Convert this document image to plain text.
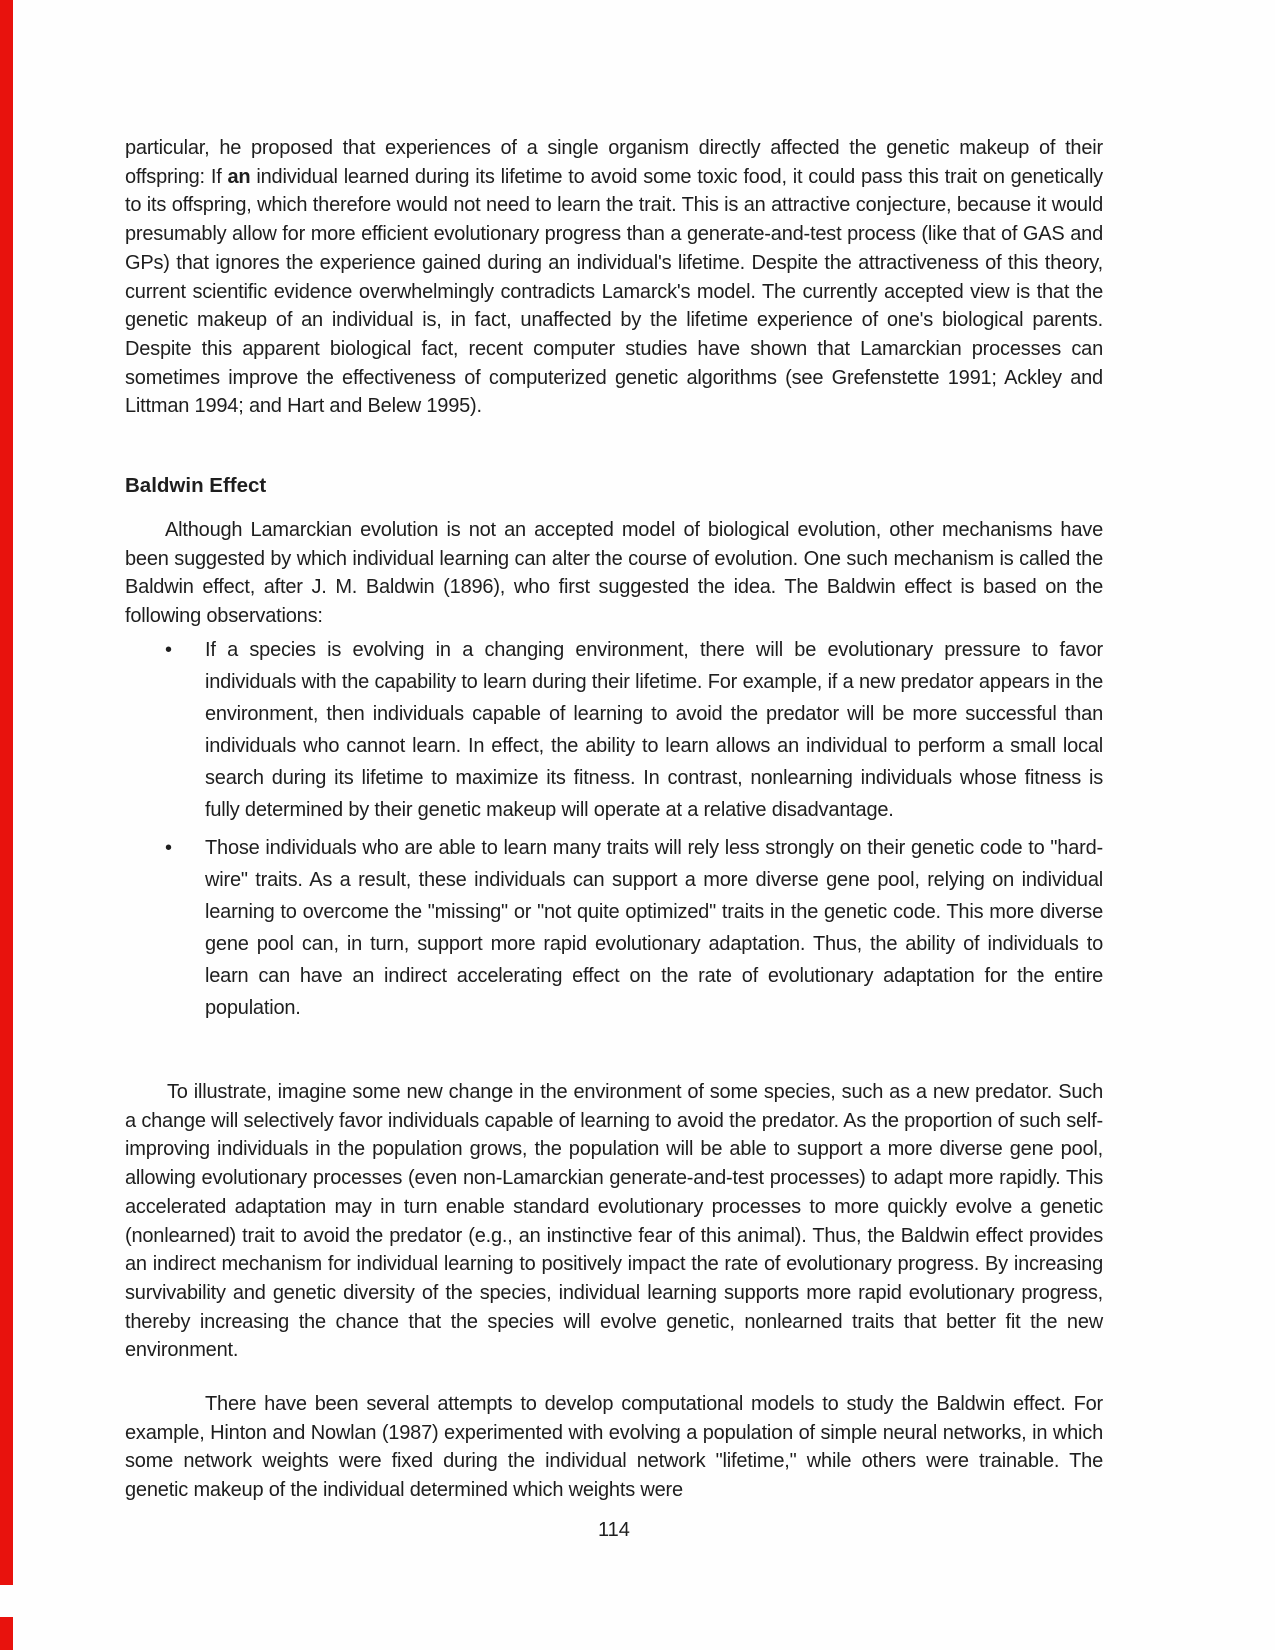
particular, he proposed that experiences of a single organism directly affected the genetic makeup of their offspring: If an individual learned during its lifetime to avoid some toxic food, it could pass this trait on genetically to its offspring, which therefore would not need to learn the trait. This is an attractive conjecture, because it would presumably allow for more efficient evolutionary progress than a generate-and-test process (like that of GAS and GPs) that ignores the experience gained during an individual's lifetime. Despite the attractiveness of this theory, current scientific evidence overwhelmingly contradicts Lamarck's model. The currently accepted view is that the genetic makeup of an individual is, in fact, unaffected by the lifetime experience of one's biological parents. Despite this apparent biological fact, recent computer studies have shown that Lamarckian processes can sometimes improve the effectiveness of computerized genetic algorithms (see Grefenstette 1991; Ackley and Littman 1994; and Hart and Belew 1995).

Baldwin Effect

Although Lamarckian evolution is not an accepted model of biological evolution, other mechanisms have been suggested by which individual learning can alter the course of evolution. One such mechanism is called the Baldwin effect, after J. M. Baldwin (1896), who first suggested the idea. The Baldwin effect is based on the following observations:

•	If a species is evolving in a changing environment, there will be evolutionary pressure to favor individuals with the capability to learn during their lifetime. For example, if a new predator appears in the environment, then individuals capable of learning to avoid the predator will be more successful than individuals who cannot learn. In effect, the ability to learn allows an individual to perform a small local search during its lifetime to maximize its fitness. In contrast, nonlearning individuals whose fitness is fully determined by their genetic makeup will operate at a relative disadvantage.
•	Those individuals who are able to learn many traits will rely less strongly on their genetic code to "hard-wire" traits. As a result, these individuals can support a more diverse gene pool, relying on individual learning to overcome the "missing" or "not quite optimized" traits in the genetic code. This more diverse gene pool can, in turn, support more rapid evolutionary adaptation. Thus, the ability of individuals to learn can have an indirect accelerating effect on the rate of evolutionary adaptation for the entire population.

To illustrate, imagine some new change in the environment of some species, such as a new predator. Such a change will selectively favor individuals capable of learning to avoid the predator. As the proportion of such self-improving individuals in the population grows, the population will be able to support a more diverse gene pool, allowing evolutionary processes (even non-Lamarckian generate-and-test processes) to adapt more rapidly. This accelerated adaptation may in turn enable standard evolutionary processes to more quickly evolve a genetic (nonlearned) trait to avoid the predator (e.g., an instinctive fear of this animal). Thus, the Baldwin effect provides an indirect mechanism for individual learning to positively impact the rate of evolutionary progress. By increasing survivability and genetic diversity of the species, individual learning supports more rapid evolutionary progress, thereby increasing the chance that the species will evolve genetic, nonlearned traits that better fit the new environment.

There have been several attempts to develop computational models to study the Baldwin effect. For example, Hinton and Nowlan (1987) experimented with evolving a population of simple neural networks, in which some network weights were fixed during the individual network "lifetime," while others were trainable. The genetic makeup of the individual determined which weights were

114
